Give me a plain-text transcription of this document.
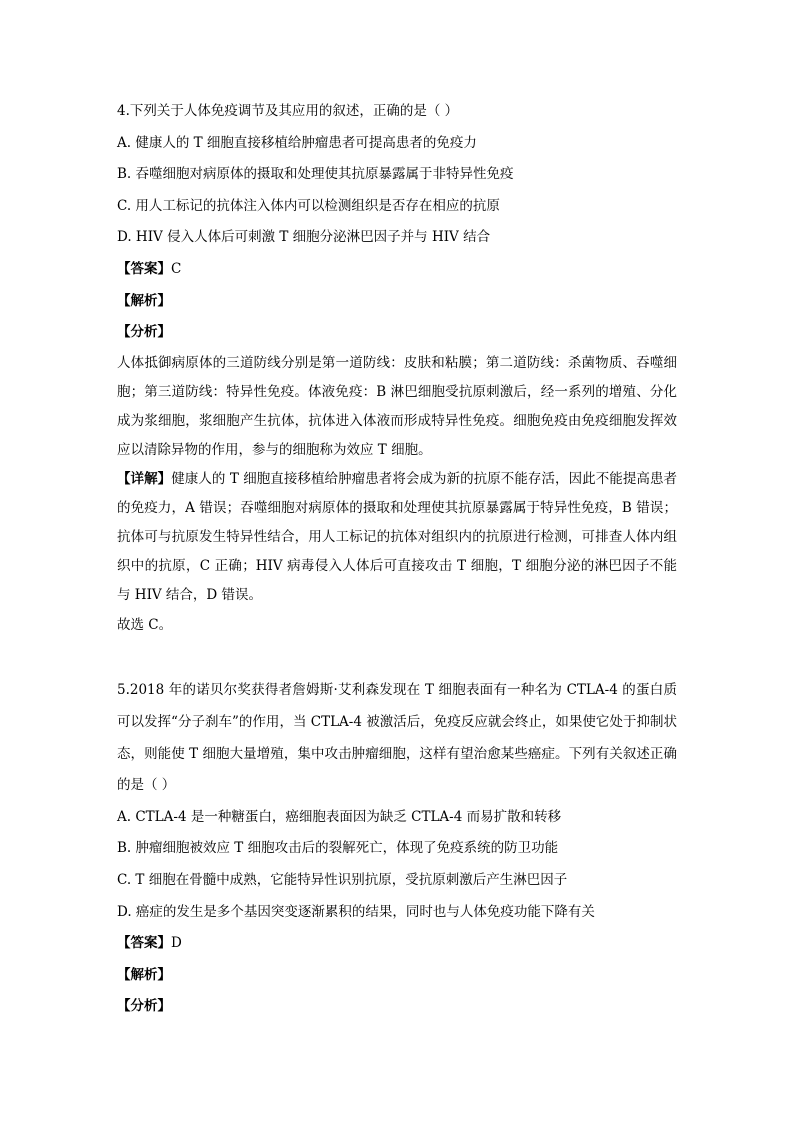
4.下列关于人体免疫调节及其应用的叙述，正确的是（ ）
A. 健康人的 T 细胞直接移植给肿瘤患者可提高患者的免疫力
B. 吞噬细胞对病原体的摄取和处理使其抗原暴露属于非特异性免疫
C. 用人工标记的抗体注入体内可以检测组织是否存在相应的抗原
D. HIV 侵入人体后可刺激 T 细胞分泌淋巴因子并与 HIV 结合
【答案】C
【解析】
【分析】

人体抵御病原体的三道防线分别是第一道防线：皮肤和粘膜；第二道防线：杀菌物质、吞噬细胞；第三道防线：特异性免疫。体液免疫：B 淋巴细胞受抗原刺激后，经一系列的增殖、分化成为浆细胞，浆细胞产生抗体，抗体进入体液而形成特异性免疫。细胞免疫由免疫细胞发挥效应以清除异物的作用，参与的细胞称为效应 T 细胞。

【详解】健康人的 T 细胞直接移植给肿瘤患者将会成为新的抗原不能存活，因此不能提高患者的免疫力，A 错误；吞噬细胞对病原体的摄取和处理使其抗原暴露属于特异性免疫，B 错误；抗体可与抗原发生特异性结合，用人工标记的抗体对组织内的抗原进行检测，可排查人体内组织中的抗原，C 正确；HIV 病毒侵入人体后可直接攻击 T 细胞，T 细胞分泌的淋巴因子不能与 HIV 结合，D 错误。

故选 C。

5.2018 年的诺贝尔奖获得者詹姆斯·艾利森发现在 T 细胞表面有一种名为 CTLA-4 的蛋白质可以发挥“分子刹车”的作用，当 CTLA-4 被激活后，免疫反应就会终止，如果使它处于抑制状态，则能使 T 细胞大量增殖，集中攻击肿瘤细胞，这样有望治愈某些癌症。下列有关叙述正确的是（ ）

A. CTLA-4 是一种糖蛋白，癌细胞表面因为缺乏 CTLA-4 而易扩散和转移
B. 肿瘤细胞被效应 T 细胞攻击后的裂解死亡，体现了免疫系统的防卫功能
C. T 细胞在骨髓中成熟，它能特异性识别抗原，受抗原刺激后产生淋巴因子
D. 癌症的发生是多个基因突变逐渐累积的结果，同时也与人体免疫功能下降有关
【答案】D
【解析】
【分析】
